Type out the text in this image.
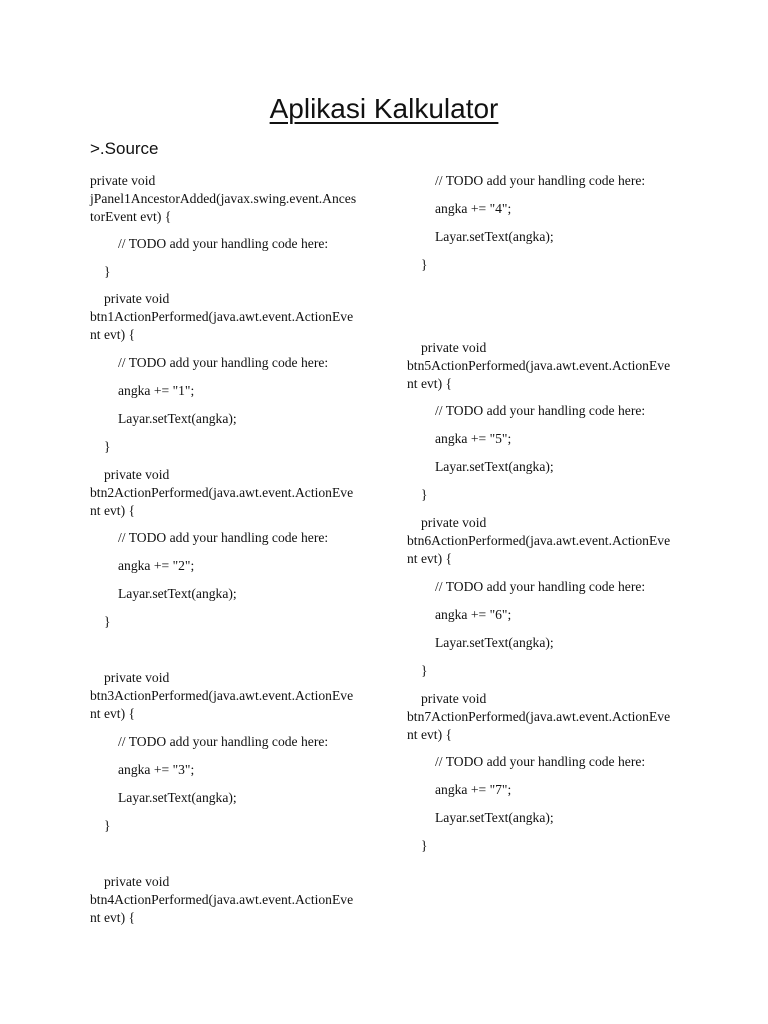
Aplikasi Kalkulator
>.Source
private void
jPanel1AncestorAdded(javax.swing.event.Ances
torEvent evt) {
// TODO add your handling code here:
}
private void
btn1ActionPerformed(java.awt.event.ActionEve
nt evt) {
// TODO add your handling code here:
angka += "1";
Layar.setText(angka);
}
private void
btn2ActionPerformed(java.awt.event.ActionEve
nt evt) {
// TODO add your handling code here:
angka += "2";
Layar.setText(angka);
}
private void
btn3ActionPerformed(java.awt.event.ActionEve
nt evt) {
// TODO add your handling code here:
angka += "3";
Layar.setText(angka);
}
private void
btn4ActionPerformed(java.awt.event.ActionEve
nt evt) {
// TODO add your handling code here:
angka += "4";
Layar.setText(angka);
}
private void
btn5ActionPerformed(java.awt.event.ActionEve
nt evt) {
// TODO add your handling code here:
angka += "5";
Layar.setText(angka);
}
private void
btn6ActionPerformed(java.awt.event.ActionEve
nt evt) {
// TODO add your handling code here:
angka += "6";
Layar.setText(angka);
}
private void
btn7ActionPerformed(java.awt.event.ActionEve
nt evt) {
// TODO add your handling code here:
angka += "7";
Layar.setText(angka);
}
